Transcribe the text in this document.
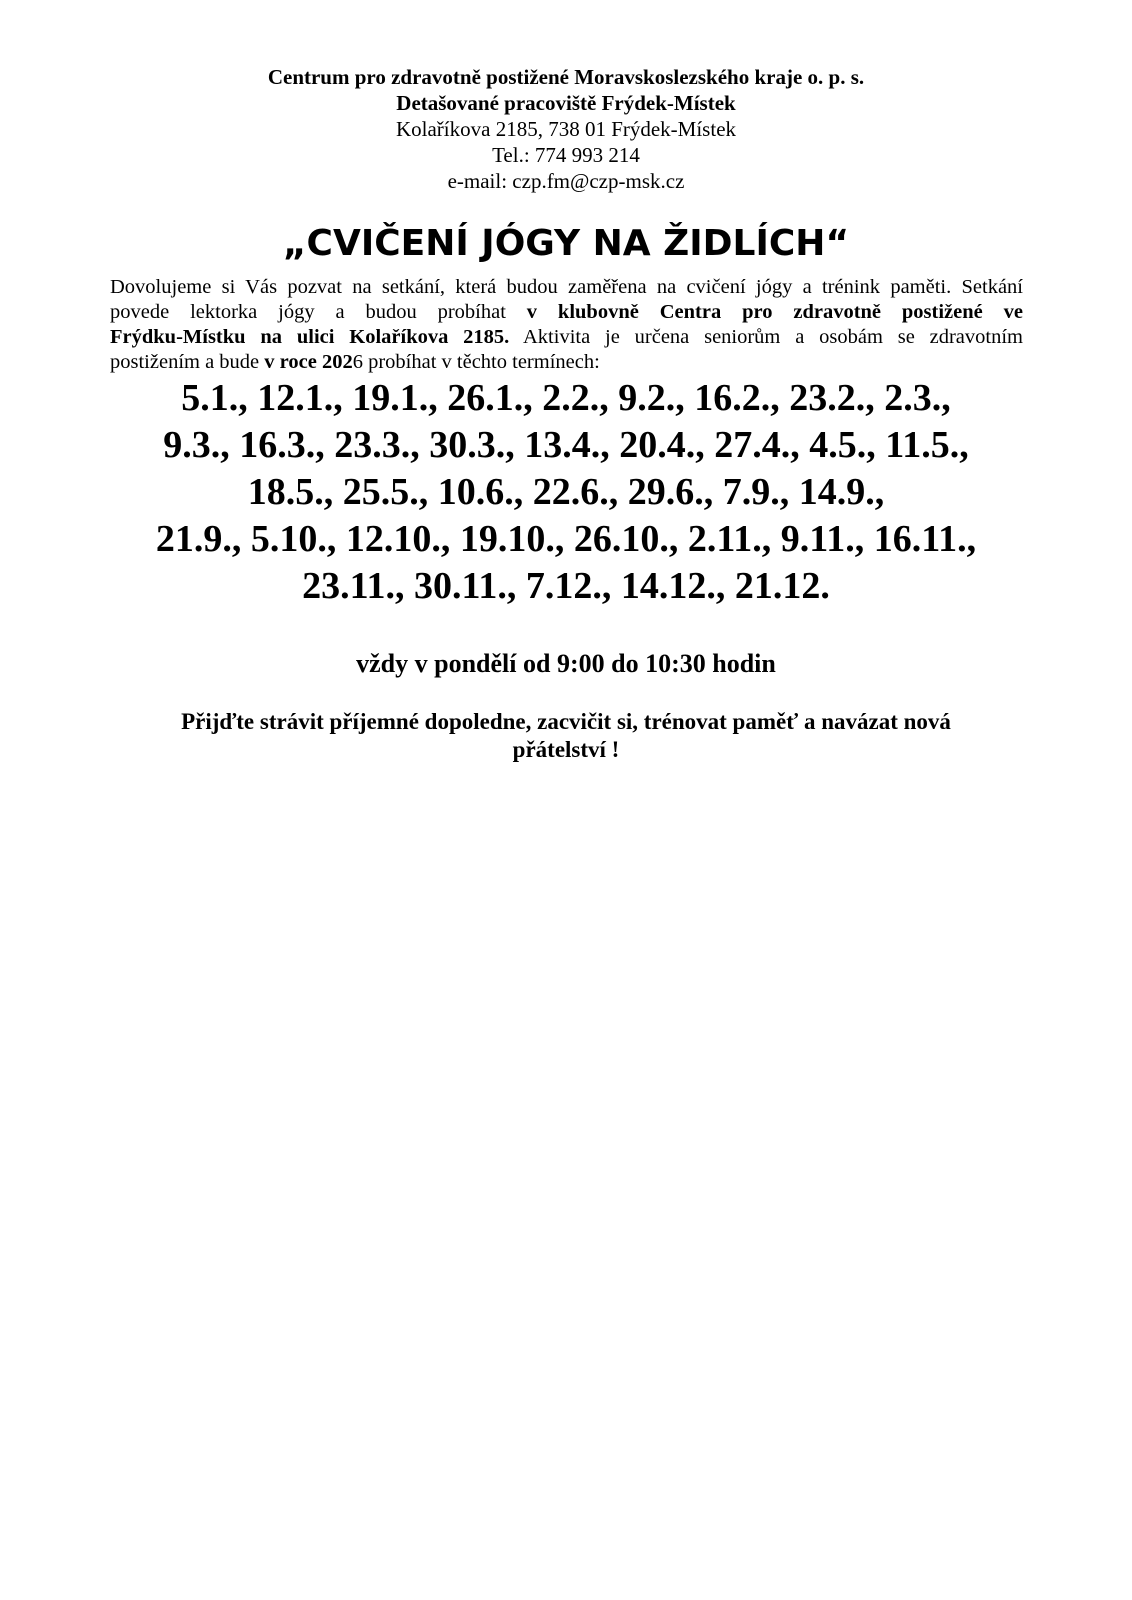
Centrum pro zdravotně postižené Moravskoslezského kraje o. p. s.
Detašované pracoviště Frýdek-Místek
Kolaříkova 2185, 738 01 Frýdek-Místek
Tel.: 774 993 214
e-mail: czp.fm@czp-msk.cz
„CVIČENÍ JÓGY NA ŽIDLÍCH“
Dovolujeme si Vás pozvat na setkání, která budou zaměřena na cvičení jógy a trénink paměti. Setkání
povede lektorka jógy a budou probíhat v klubovně Centra pro zdravotně postižené ve
Frýdku-Místku na ulici Kolaříkova 2185. Aktivita je určena seniorům a osobám se zdravotním
postižením a bude v roce 2026 probíhat v těchto termínech:
5.1., 12.1., 19.1., 26.1., 2.2., 9.2., 16.2., 23.2., 2.3.,
9.3., 16.3., 23.3., 30.3., 13.4., 20.4., 27.4., 4.5., 11.5.,
18.5., 25.5., 10.6., 22.6., 29.6., 7.9., 14.9.,
21.9., 5.10., 12.10., 19.10., 26.10., 2.11., 9.11., 16.11.,
23.11., 30.11., 7.12., 14.12., 21.12.
vždy v pondělí od 9:00 do 10:30 hodin
Přijďte strávit příjemné dopoledne, zacvičit si, trénovat paměť a navázat nová
přátelství !
